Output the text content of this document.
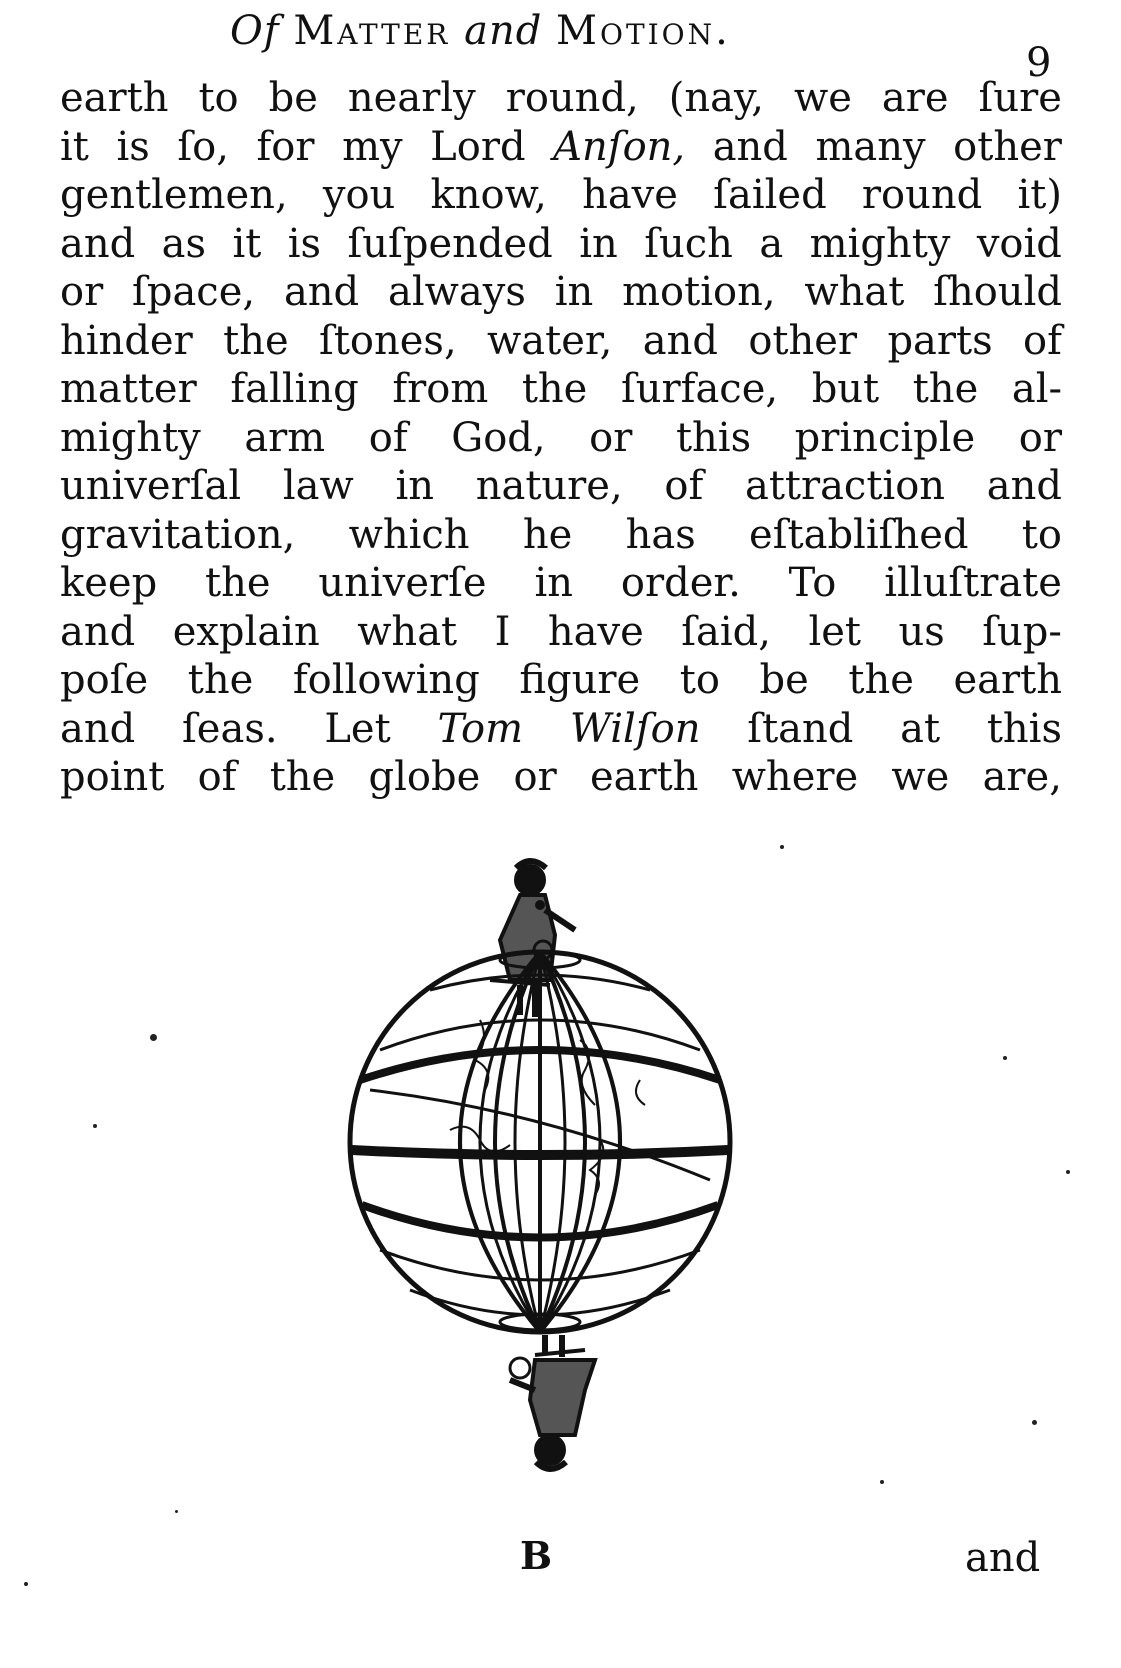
Of Matter and Motion.
9
earth to be nearly round, (nay, we are ſure
it is ſo, for my Lord Anſon, and many other
gentlemen, you know, have ſailed round it)
and as it is ſuſpended in ſuch a mighty void
or ſpace, and always in motion, what ſhould
hinder the ſtones, water, and other parts of
matter falling from the ſurface, but the al-
mighty arm of God, or this principle or
univerſal law in nature, of attraction and
gravitation, which he has eſtabliſhed to
keep the univerſe in order. To illuſtrate
and explain what I have ſaid, let us ſup-
poſe the following figure to be the earth
and ſeas. Let Tom Wilſon ſtand at this
point of the globe or earth where we are,
B	and
